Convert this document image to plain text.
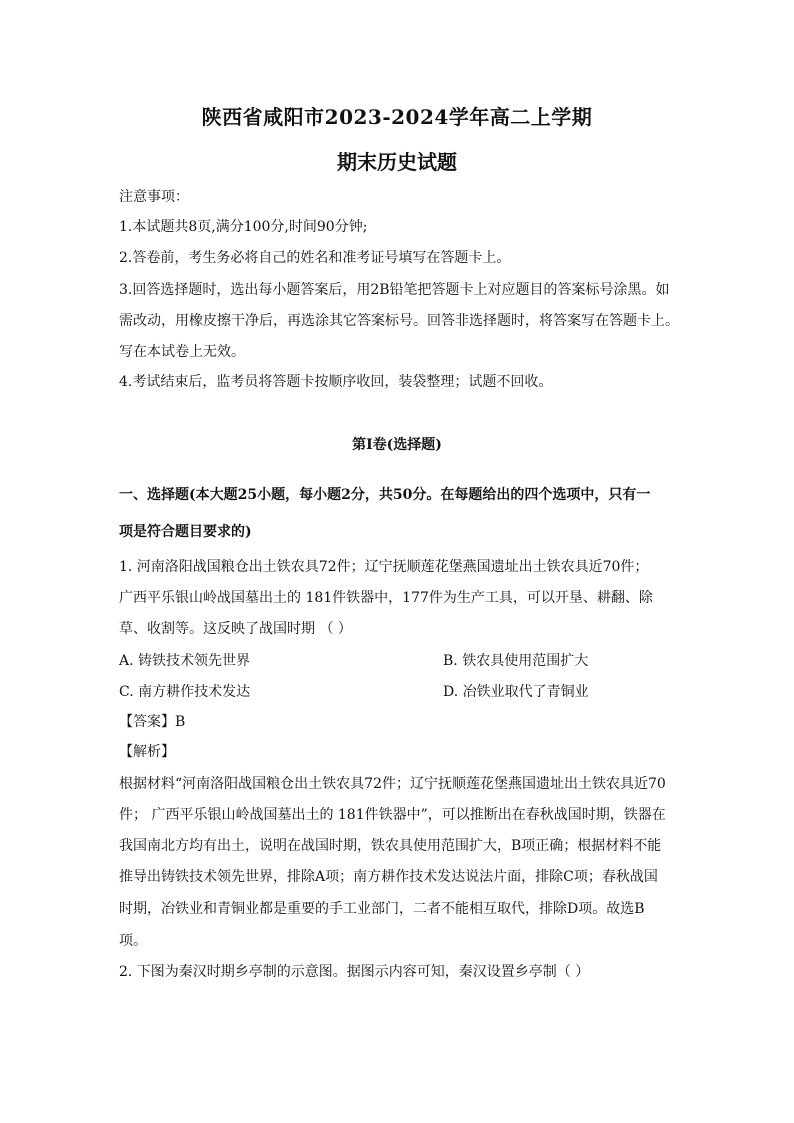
陕西省咸阳市2023-2024学年高二上学期
期末历史试题
注意事项：
1.本试题共8页,满分100分,时间90分钟;
2.答卷前，考生务必将自己的姓名和准考证号填写在答题卡上。
3.回答选择题时，选出每小题答案后，用2B铅笔把答题卡上对应题目的答案标号涂黑。如
需改动，用橡皮擦干净后，再选涂其它答案标号。回答非选择题时，将答案写在答题卡上。
写在本试卷上无效。
4.考试结束后，监考员将答题卡按顺序收回，装袋整理；试题不回收。
第Ⅰ卷(选择题)
一、选择题(本大题25小题，每小题2分，共50分。在每题给出的四个选项中，只有一
项是符合题目要求的)
1. 河南洛阳战国粮仓出土铁农具72件；辽宁抚顺莲花堡燕国遗址出土铁农具近70件；
广西平乐银山岭战国墓出土的 181件铁器中，177件为生产工具，可以开垦、耕翻、除
草、收割等。这反映了战国时期 （ ）
A. 铸铁技术领先世界	B. 铁农具使用范围扩大
C. 南方耕作技术发达	D. 冶铁业取代了青铜业
【答案】B
【解析】
根据材料“河南洛阳战国粮仓出土铁农具72件；辽宁抚顺莲花堡燕国遗址出土铁农具近70
件； 广西平乐银山岭战国墓出土的 181件铁器中”，可以推断出在春秋战国时期，铁器在
我国南北方均有出土，说明在战国时期，铁农具使用范围扩大，B项正确；根据材料不能
推导出铸铁技术领先世界，排除A项；南方耕作技术发达说法片面，排除C项；春秋战国
时期，冶铁业和青铜业都是重要的手工业部门，二者不能相互取代，排除D项。故选B
项。
2. 下图为秦汉时期乡亭制的示意图。据图示内容可知，秦汉设置乡亭制（ ）
